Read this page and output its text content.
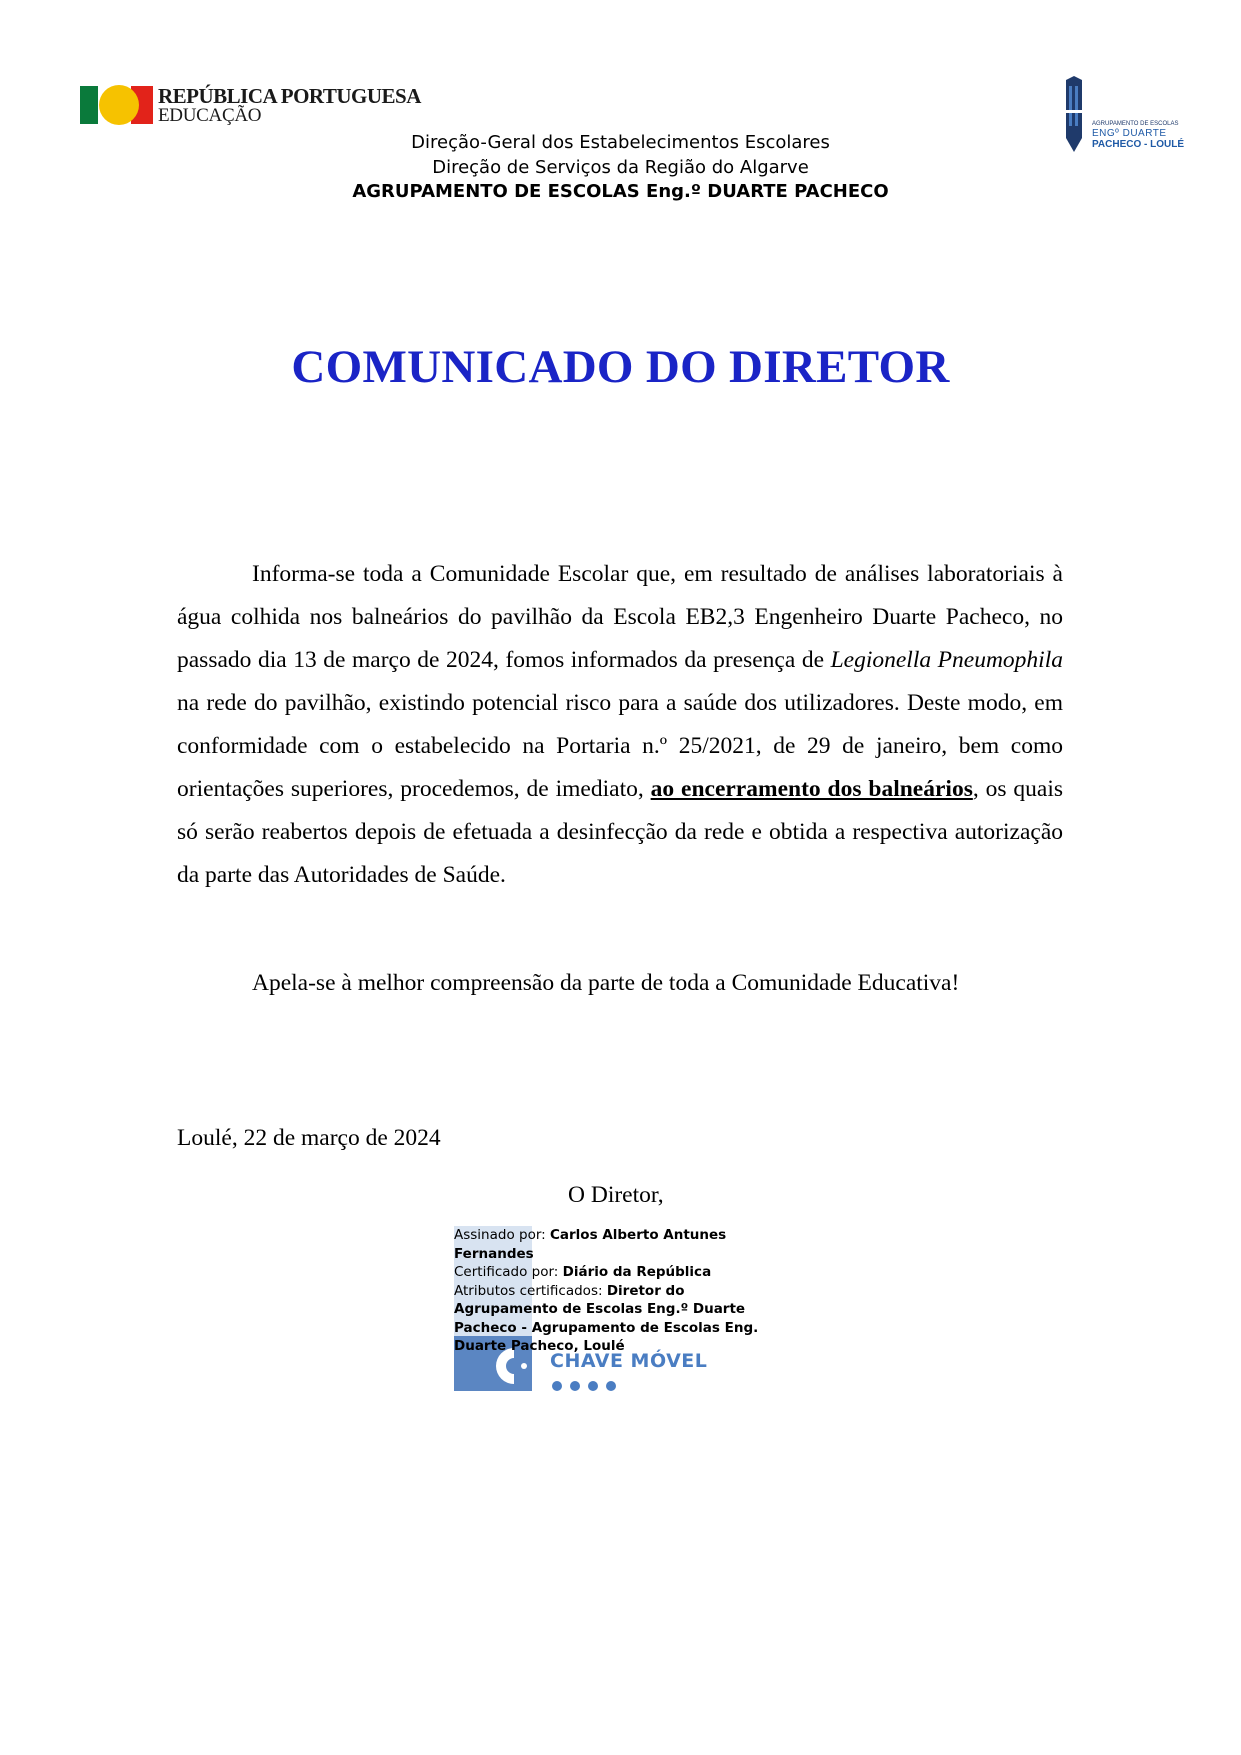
REPÚBLICA PORTUGUESA
EDUCAÇÃO	AGRUPAMENTO DE ESCOLAS
ENGº DUARTE
PACHECO - LOULÉ
Direção-Geral dos Estabelecimentos Escolares
Direção de Serviços da Região do Algarve
AGRUPAMENTO DE ESCOLAS Eng.º DUARTE PACHECO
COMUNICADO DO DIRETOR

Informa-se toda a Comunidade Escolar que, em resultado de análises laboratoriais à água colhida nos balneários do pavilhão da Escola EB2,3 Engenheiro Duarte Pacheco, no passado dia 13 de março de 2024, fomos informados da presença de Legionella Pneumophila na rede do pavilhão, existindo potencial risco para a saúde dos utilizadores. Deste modo, em conformidade com o estabelecido na Portaria n.º 25/2021, de 29 de janeiro, bem como orientações superiores, procedemos, de imediato, ao encerramento dos balneários, os quais só serão reabertos depois de efetuada a desinfecção da rede e obtida a respectiva autorização da parte das Autoridades de Saúde.

Apela-se à melhor compreensão da parte de toda a Comunidade Educativa!
Loulé, 22 de março de 2024
O Diretor,
Assinado por: Carlos Alberto Antunes
Fernandes
Certificado por: Diário da República
Atributos certificados: Diretor do
Agrupamento de Escolas Eng.º Duarte
Pacheco - Agrupamento de Escolas Eng.
Duarte Pacheco, Loulé
CHAVE MÓVEL
